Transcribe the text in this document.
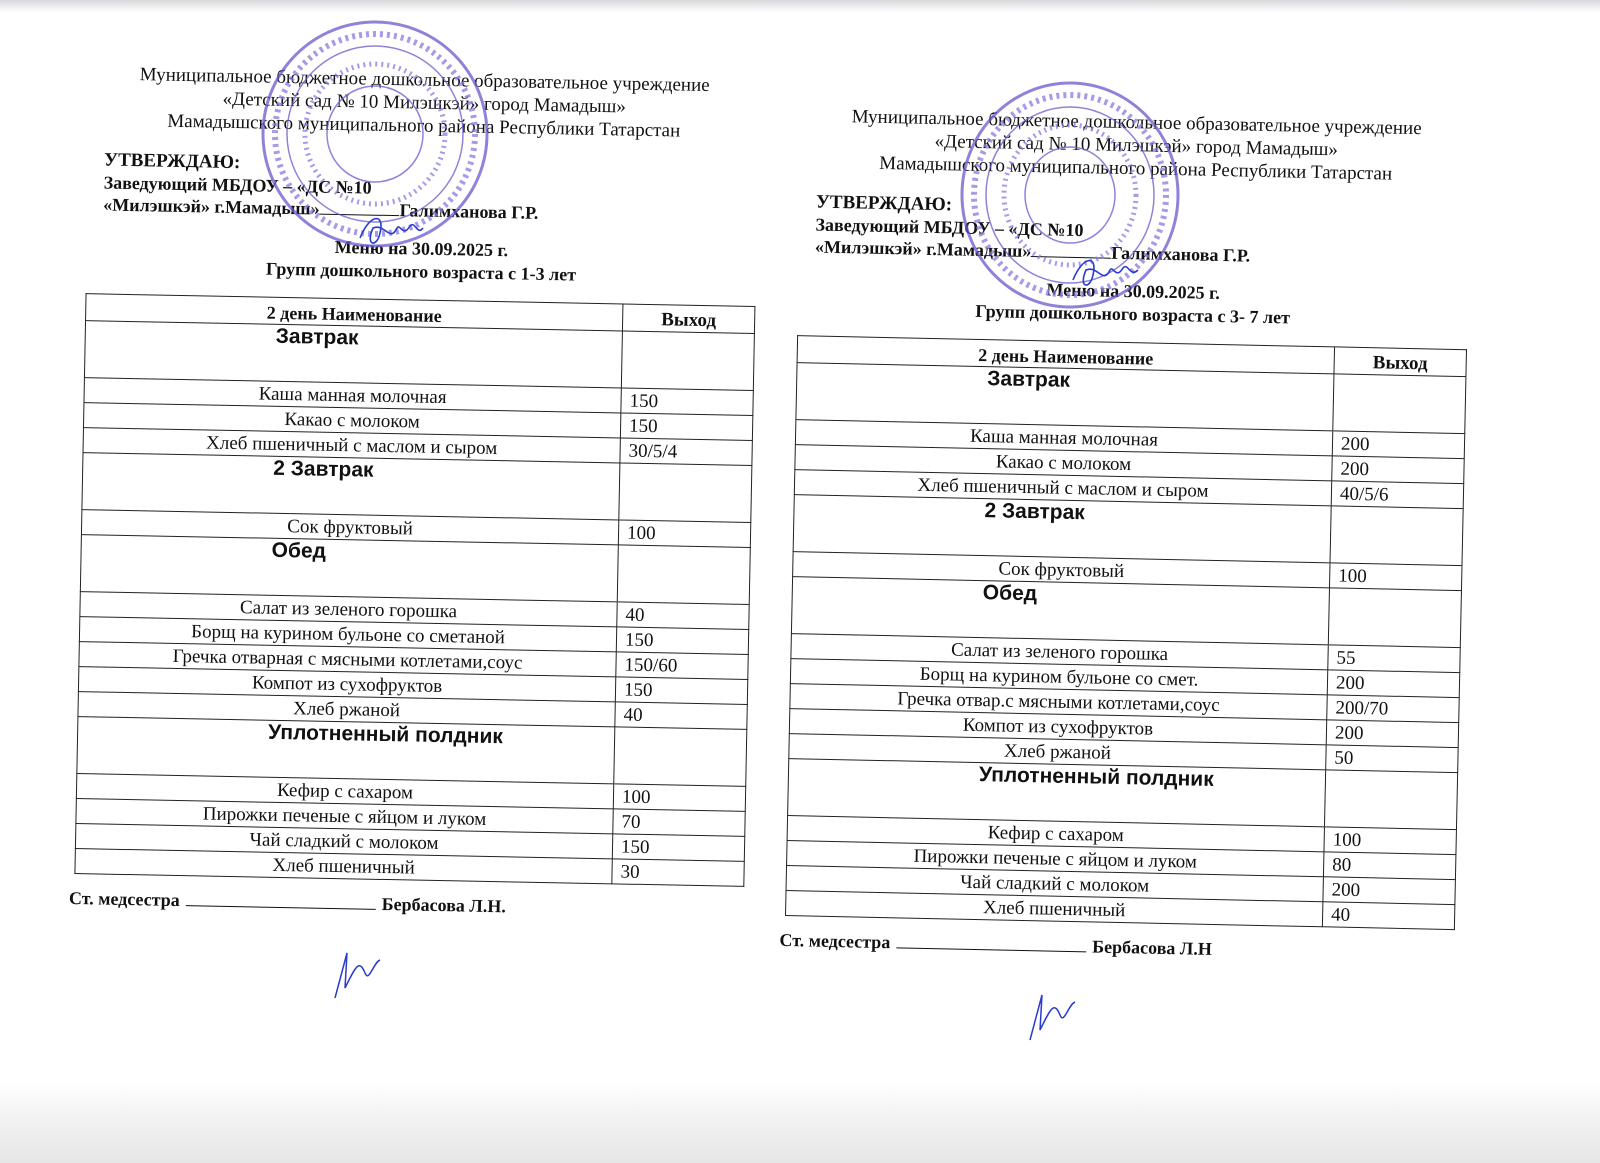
Муниципальное бюджетное дошкольное образовательное учреждение
«Детский сад № 10 Милэшкэй» город Мамадыш»
Мамадышского муниципального района Республики Татарстан
УТВЕРЖДАЮ:
Заведующий МБДОУ – «ДС №10
«Милэшкэй» г.Мамадыш»	Галимханова Г.Р.
Меню на 30.09.2025 г.
Групп дошкольного возраста с 1-3 лет
2 день Наименование	Выход
Завтрак	
Каша манная молочная	150
Какао с молоком	150
Хлеб пшеничный с маслом и сыром	30/5/4
2 Завтрак	
Сок фруктовый	100
Обед	
Салат из зеленого горошка	40
Борщ на курином бульоне со сметаной	150
Гречка отварная с мясными котлетами,соус	150/60
Компот из сухофруктов	150
Хлеб ржаной	40
Уплотненный полдник	
Кефир с сахаром	100
Пирожки печеные с яйцом и луком	70
Чай сладкий с молоком	150
Хлеб пшеничный	30
Ст. медсестра	Бербасова Л.Н.
Муниципальное бюджетное дошкольное образовательное учреждение
«Детский сад № 10 Милэшкэй» город Мамадыш»
Мамадышского муниципального района Республики Татарстан
УТВЕРЖДАЮ:
Заведующий МБДОУ – «ДС №10
«Милэшкэй» г.Мамадыш»	Галимханова Г.Р.
Меню на 30.09.2025 г.
Групп дошкольного возраста с 3- 7 лет
2 день Наименование	Выход
Завтрак	
Каша манная молочная	200
Какао с молоком	200
Хлеб пшеничный с маслом и сыром	40/5/6
2 Завтрак	
Сок фруктовый	100
Обед	
Салат из зеленого горошка	55
Борщ на курином бульоне со смет.	200
Гречка отвар.с мясными котлетами,соус	200/70
Компот из сухофруктов	200
Хлеб ржаной	50
Уплотненный полдник	
Кефир с сахаром	100
Пирожки печеные с яйцом и луком	80
Чай сладкий с молоком	200
Хлеб пшеничный	40
Ст. медсестра	Бербасова Л.Н
